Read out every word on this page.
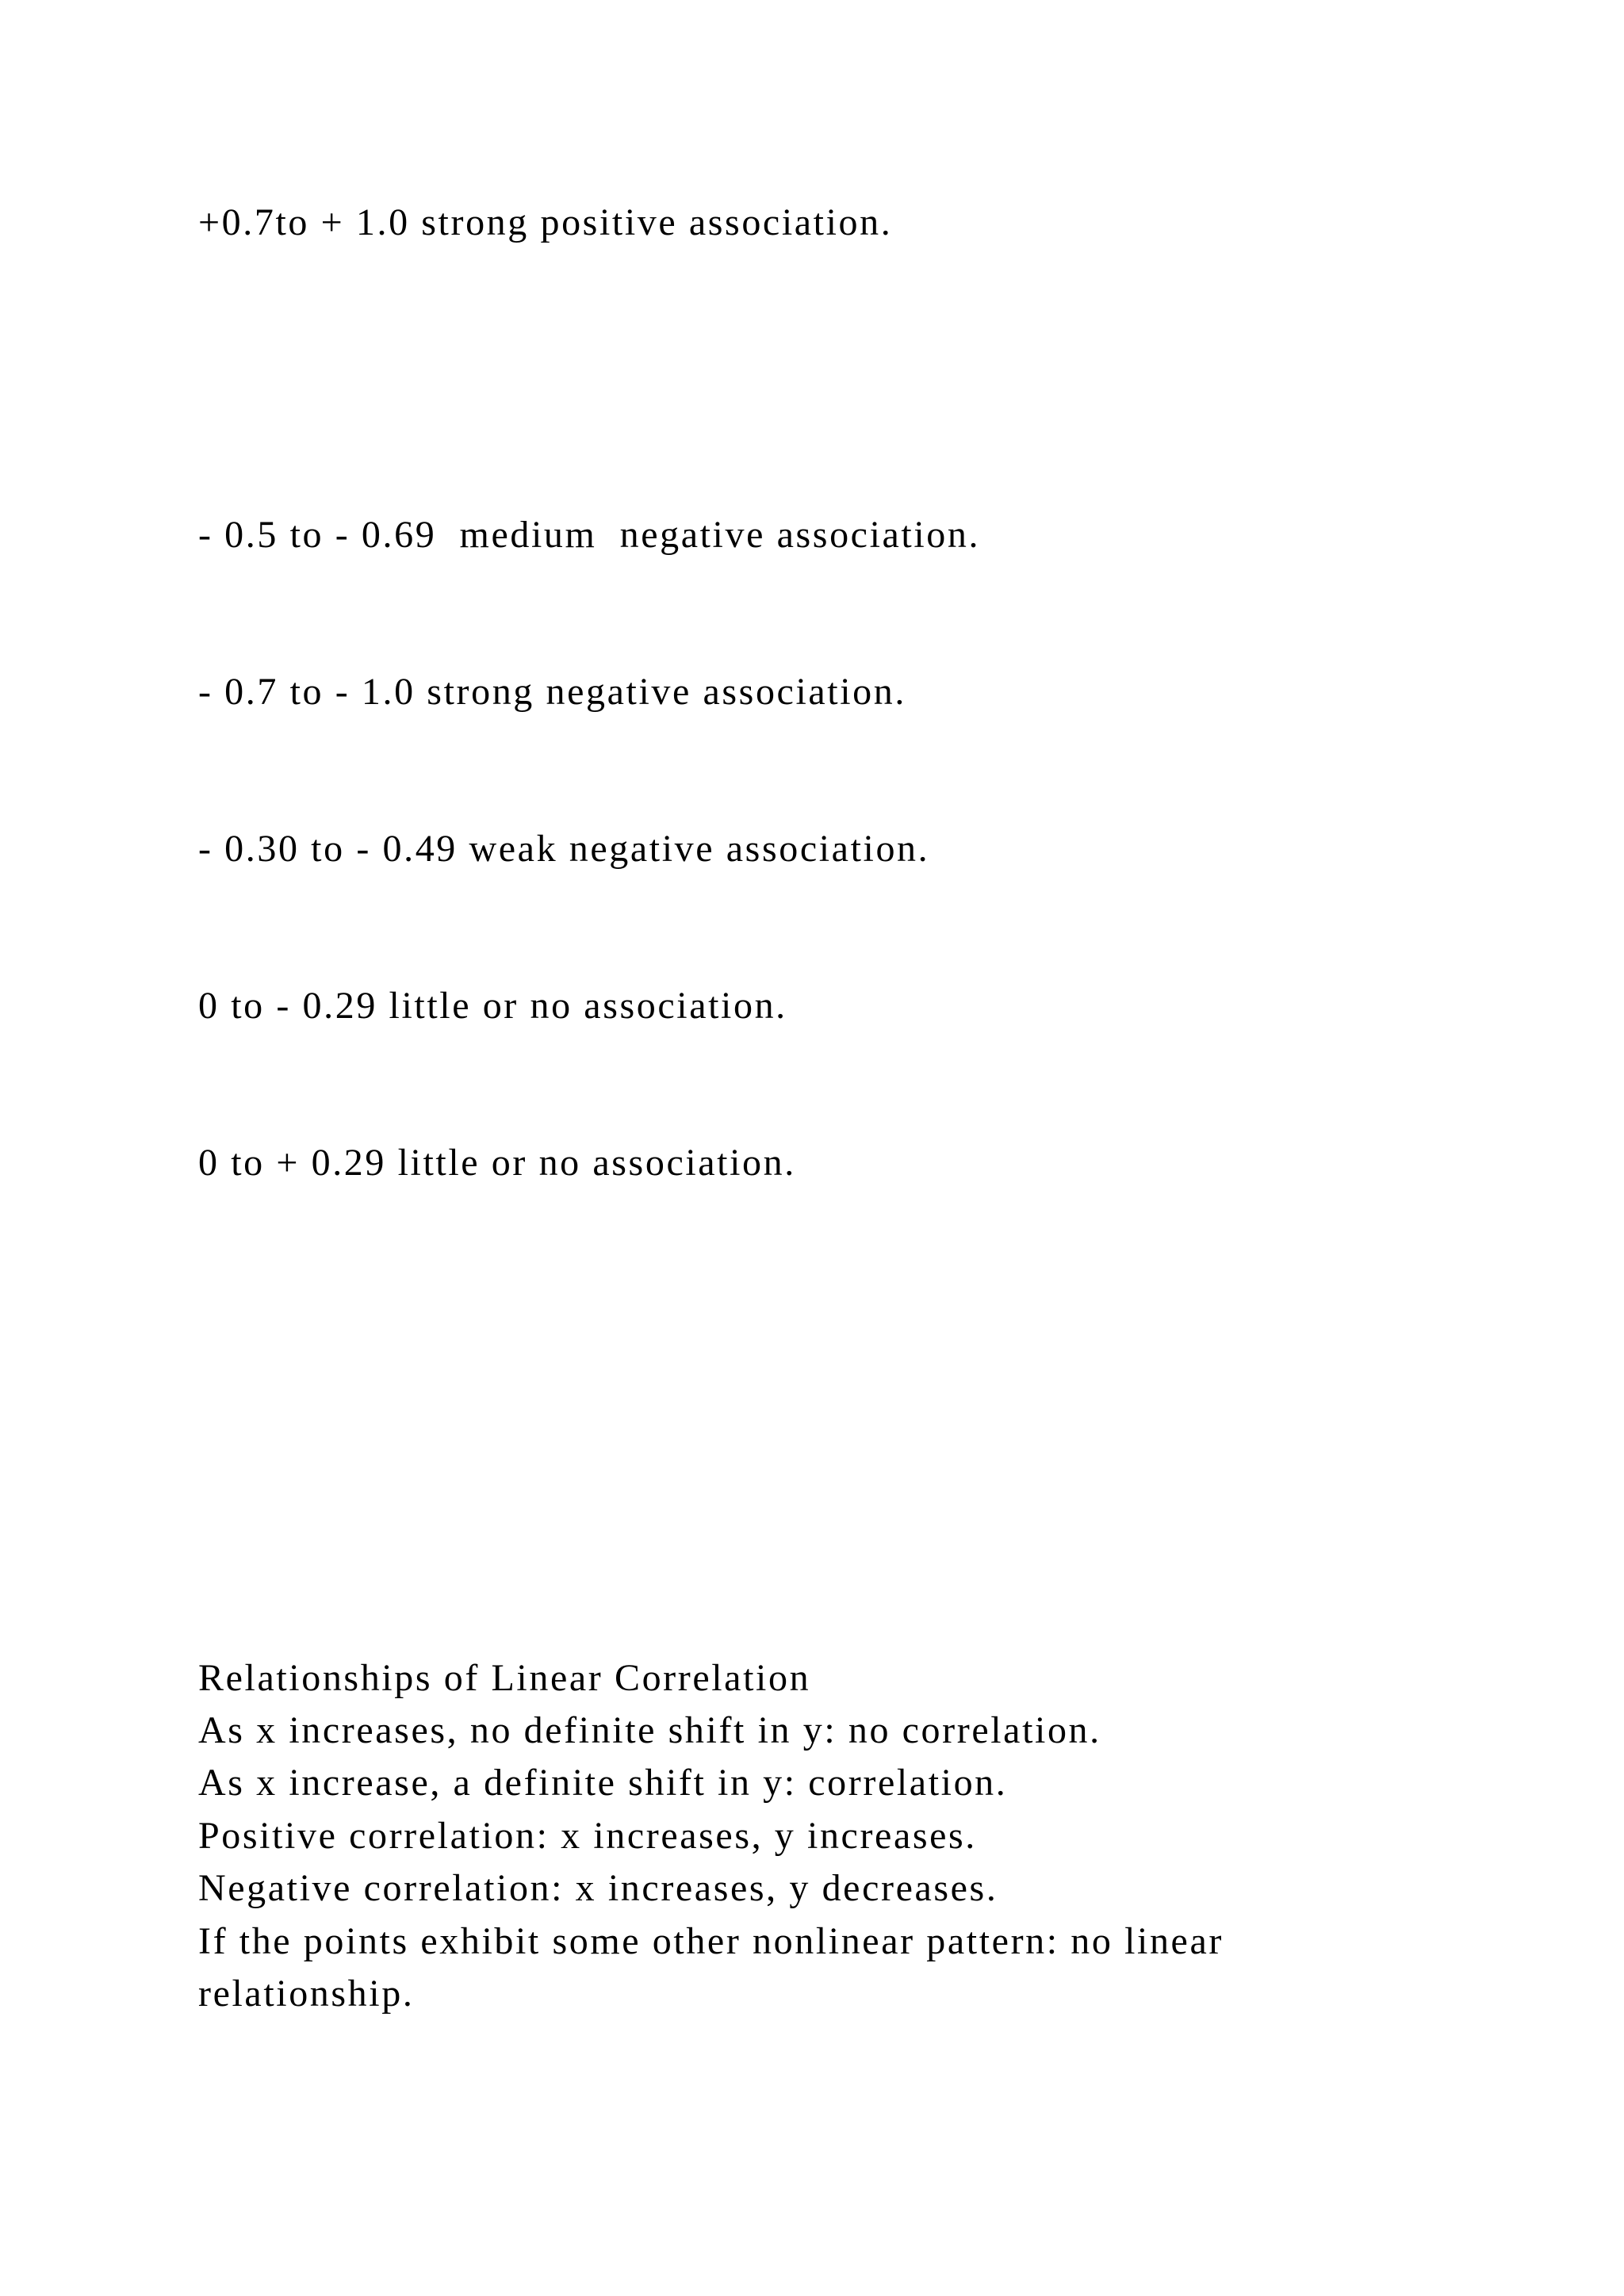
+0.7to + 1.0 strong positive association.

- 0.5 to - 0.69  medium  negative association.

- 0.7 to - 1.0 strong negative association.

- 0.30 to - 0.49 weak negative association.

0 to - 0.29 little or no association.

0 to + 0.29 little or no association.

Relationships of Linear Correlation
As x increases, no definite shift in y: no correlation.
As x increase, a definite shift in y: correlation.
Positive correlation: x increases, y increases.
Negative correlation: x increases, y decreases.
If the points exhibit some other nonlinear pattern: no linear
relationship.
